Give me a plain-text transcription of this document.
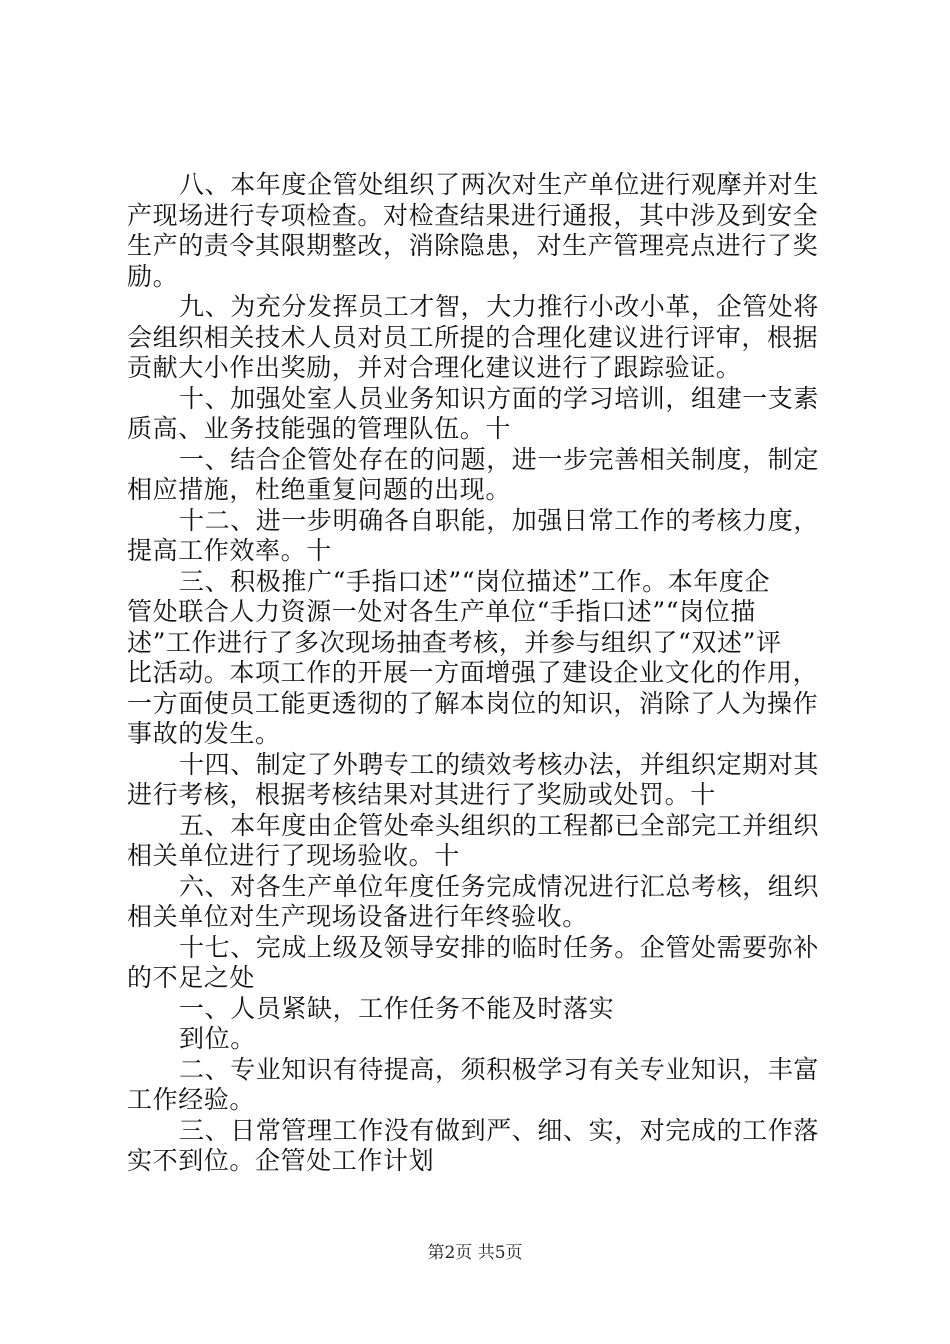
八、本年度企管处组织了两次对生产单位进行观摩并对生
产现场进行专项检查。对检查结果进行通报，其中涉及到安全
生产的责令其限期整改，消除隐患，对生产管理亮点进行了奖
励。
九、为充分发挥员工才智，大力推行小改小革，企管处将
会组织相关技术人员对员工所提的合理化建议进行评审，根据
贡献大小作出奖励，并对合理化建议进行了跟踪验证。
十、加强处室人员业务知识方面的学习培训，组建一支素
质高、业务技能强的管理队伍。十
一、结合企管处存在的问题，进一步完善相关制度，制定
相应措施，杜绝重复问题的出现。
十二、进一步明确各自职能，加强日常工作的考核力度，
提高工作效率。十
三、积极推广“手指口述”“岗位描述”工作。本年度企
管处联合人力资源一处对各生产单位“手指口述”“岗位描
述”工作进行了多次现场抽查考核，并参与组织了“双述”评
比活动。本项工作的开展一方面增强了建设企业文化的作用，
一方面使员工能更透彻的了解本岗位的知识，消除了人为操作
事故的发生。
十四、制定了外聘专工的绩效考核办法，并组织定期对其
进行考核，根据考核结果对其进行了奖励或处罚。十
五、本年度由企管处牵头组织的工程都已全部完工并组织
相关单位进行了现场验收。十
六、对各生产单位年度任务完成情况进行汇总考核，组织
相关单位对生产现场设备进行年终验收。
十七、完成上级及领导安排的临时任务。企管处需要弥补
的不足之处
一、人员紧缺，工作任务不能及时落实
到位。
二、专业知识有待提高，须积极学习有关专业知识，丰富
工作经验。
三、日常管理工作没有做到严、细、实，对完成的工作落
实不到位。企管处工作计划
第2页 共5页
